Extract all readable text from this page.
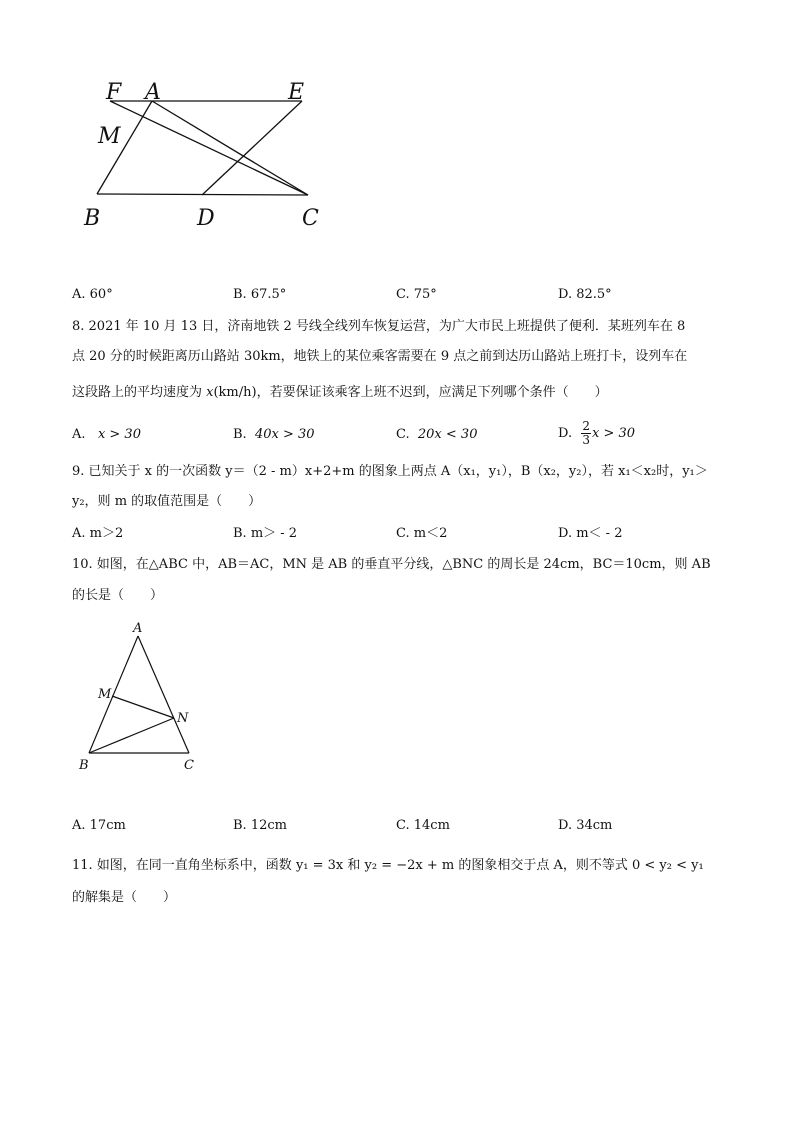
F A	E
M
B	D	C
A. 60°	B. 67.5°	C. 75°	D. 82.5°
8. 2021 年 10 月 13 日，济南地铁 2 号线全线列车恢复运营，为广大市民上班提供了便利．某班列车在 8
点 20 分的时候距离历山路站 30km，地铁上的某位乘客需要在 9 点之前到达历山路站上班打卡，设列车在
这段路上的平均速度为 x(km/h)，若要保证该乘客上班不迟到，应满足下列哪个条件（　　）
A. x > 30	B. 40x > 30	C. 20x < 30	D. $\frac{2}{3}$ x > 30
9. 已知关于 x 的一次函数 y＝（2 - m）x+2+m 的图象上两点 A（x₁，y₁），B（x₂，y₂），若 x₁＜x₂时，y₁＞
y₂，则 m 的取值范围是（　　）
A. m＞2	B. m＞ - 2	C. m＜2	D. m＜ - 2
10. 如图，在△ABC 中，AB＝AC，MN 是 AB 的垂直平分线，△BNC 的周长是 24cm，BC＝10cm，则 AB
的长是（　　）
A
M
N
B	C
A. 17cm	B. 12cm	C. 14cm	D. 34cm
11. 如图，在同一直角坐标系中，函数 y₁ = 3x 和 y₂ = −2x + m 的图象相交于点 A，则不等式 0 < y₂ < y₁
的解集是（　　）
